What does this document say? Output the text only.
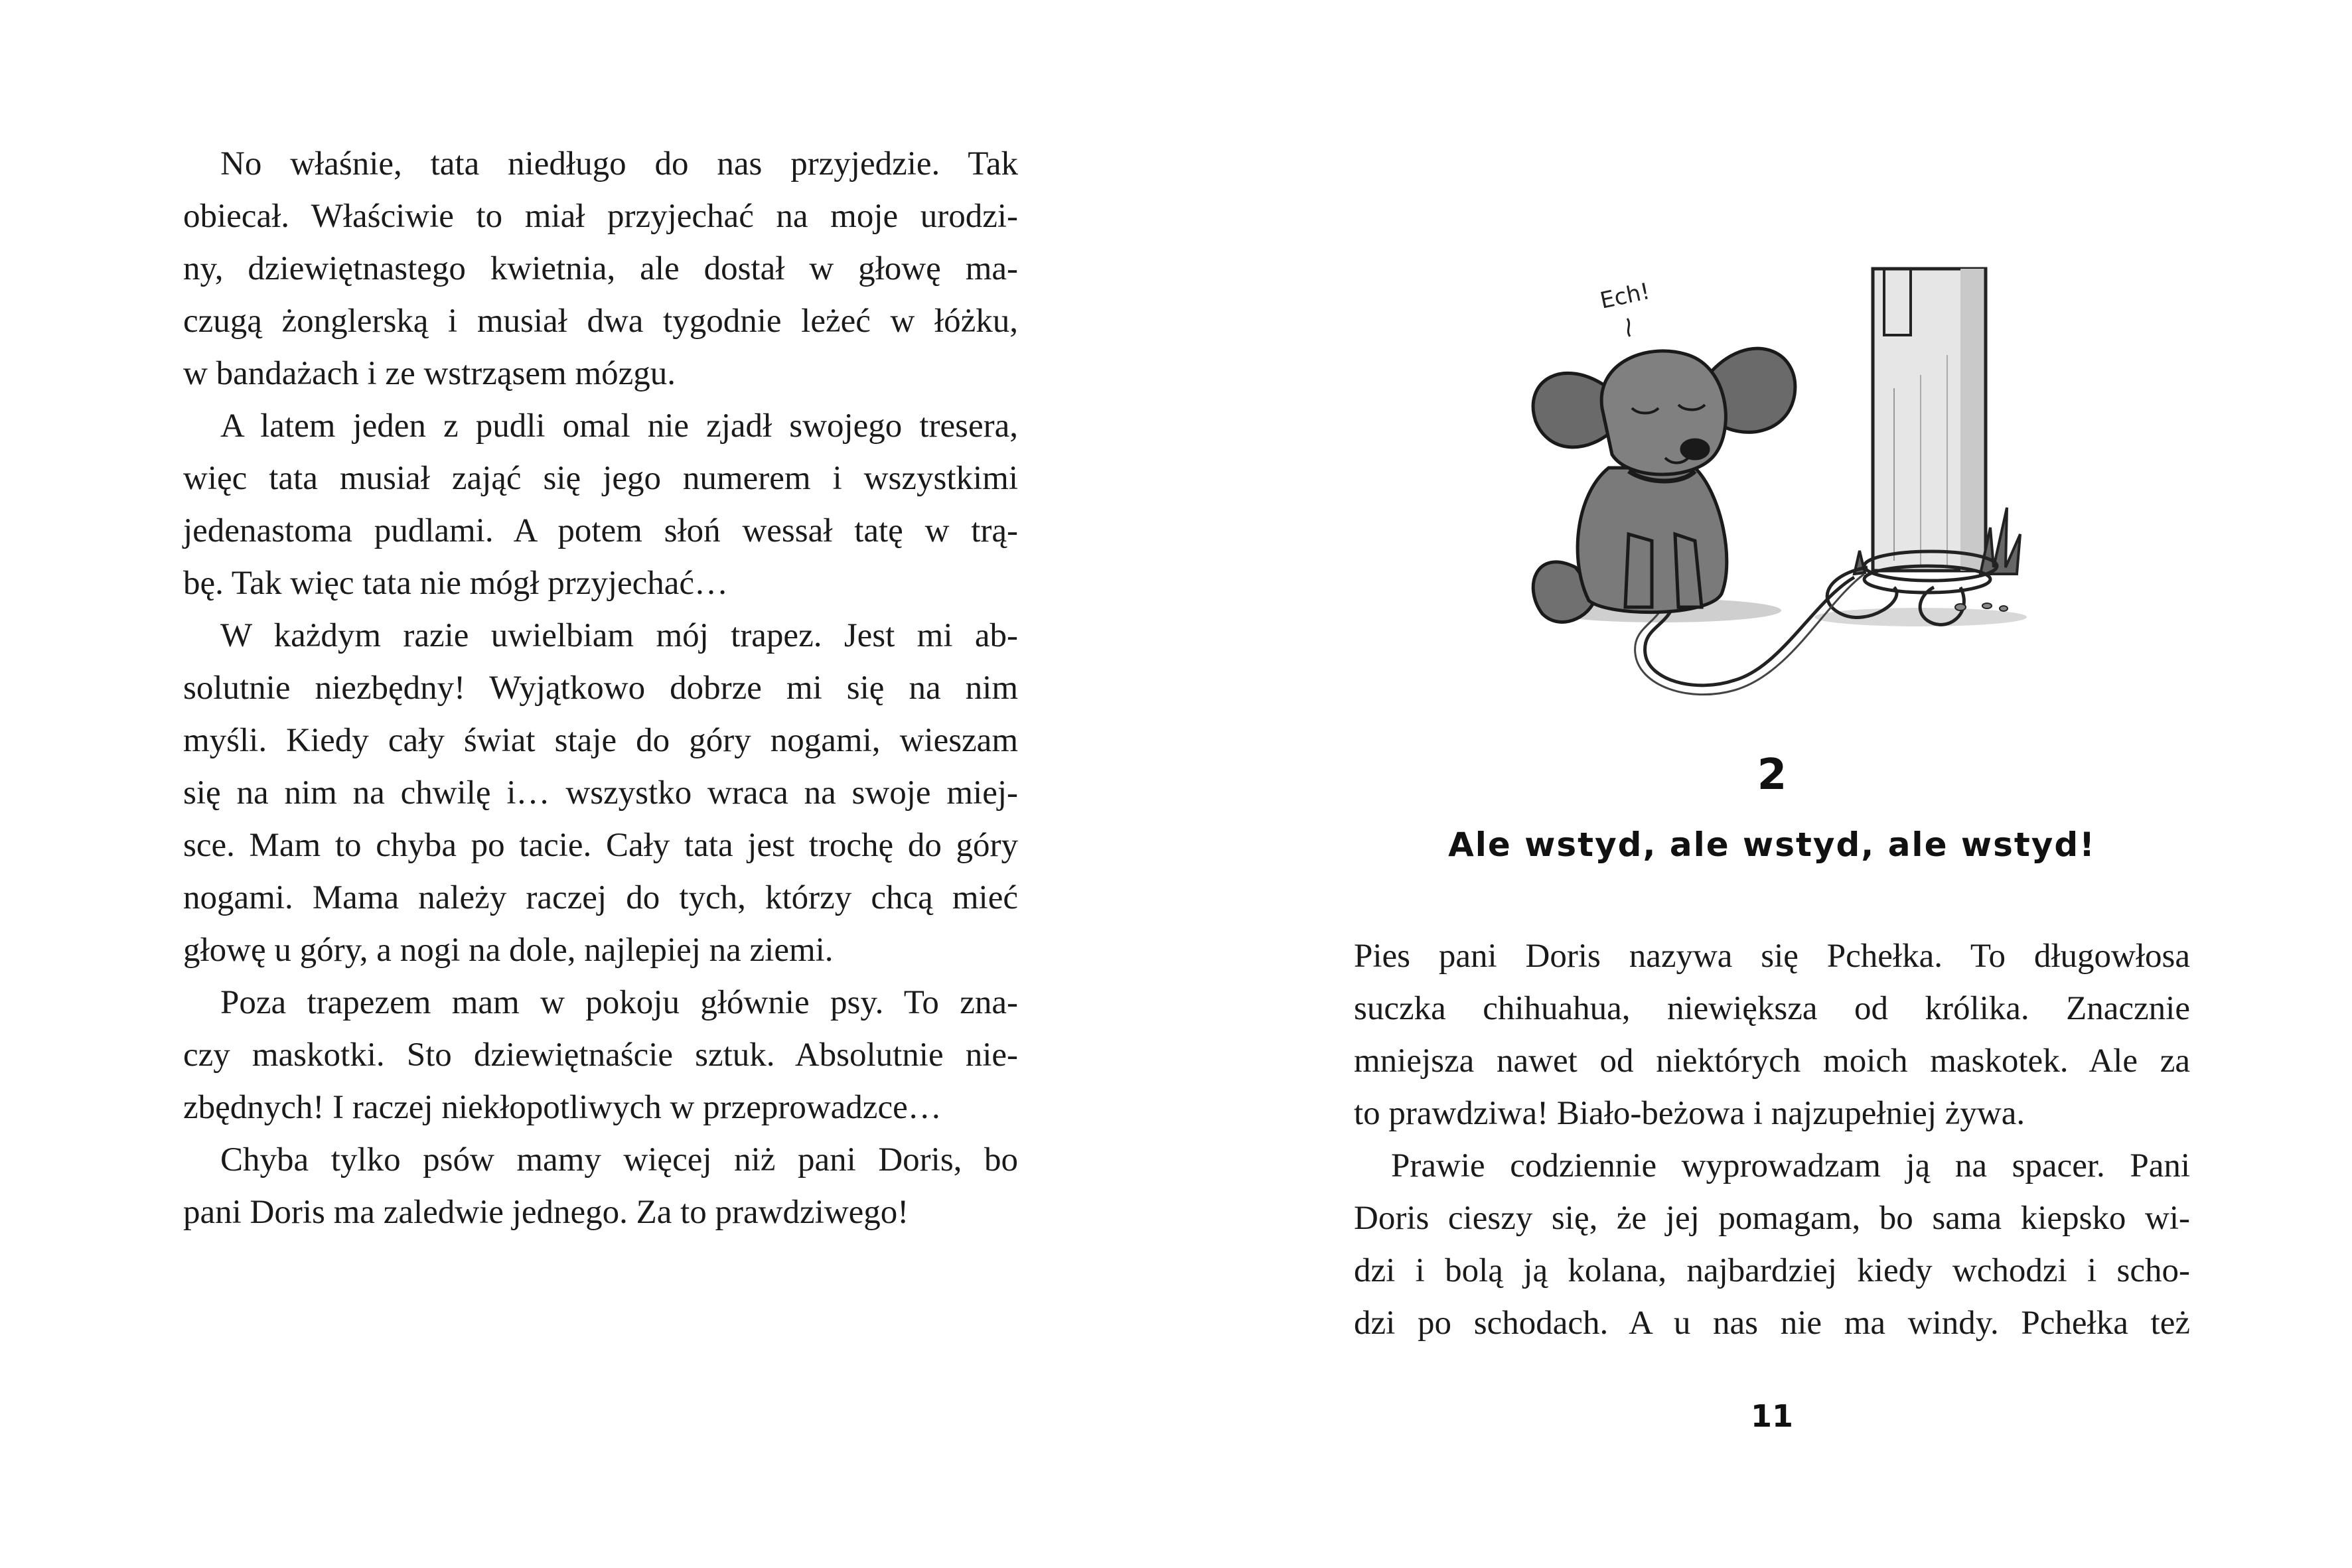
No właśnie, tata niedługo do nas przyjedzie. Tak
obiecał. Właściwie to miał przyjechać na moje urodzi-
ny, dziewiętnastego kwietnia, ale dostał w głowę ma-
czugą żonglerską i musiał dwa tygodnie leżeć w łóżku,
w bandażach i ze wstrząsem mózgu.
A latem jeden z pudli omal nie zjadł swojego tresera,
więc tata musiał zająć się jego numerem i wszystkimi
jedenastoma pudlami. A potem słoń wessał tatę w trą-
bę. Tak więc tata nie mógł przyjechać…
W każdym razie uwielbiam mój trapez. Jest mi ab-
solutnie niezbędny! Wyjątkowo dobrze mi się na nim
myśli. Kiedy cały świat staje do góry nogami, wieszam
się na nim na chwilę i… wszystko wraca na swoje miej-
sce. Mam to chyba po tacie. Cały tata jest trochę do góry
nogami. Mama należy raczej do tych, którzy chcą mieć
głowę u góry, a nogi na dole, najlepiej na ziemi.
Poza trapezem mam w pokoju głównie psy. To zna-
czy maskotki. Sto dziewiętnaście sztuk. Absolutnie nie-
zbędnych! I raczej niekłopotliwych w przeprowadzce…
Chyba tylko psów mamy więcej niż pani Doris, bo
pani Doris ma zaledwie jednego. Za to prawdziwego!
Ech!
2
Ale wstyd, ale wstyd, ale wstyd!
Pies pani Doris nazywa się Pchełka. To długowłosa
suczka chihuahua, niewiększa od królika. Znacznie
mniejsza nawet od niektórych moich maskotek. Ale za
to prawdziwa! Biało-beżowa i najzupełniej żywa.
Prawie codziennie wyprowadzam ją na spacer. Pani
Doris cieszy się, że jej pomagam, bo sama kiepsko wi-
dzi i bolą ją kolana, najbardziej kiedy wchodzi i scho-
dzi po schodach. A u nas nie ma windy. Pchełka też
11
